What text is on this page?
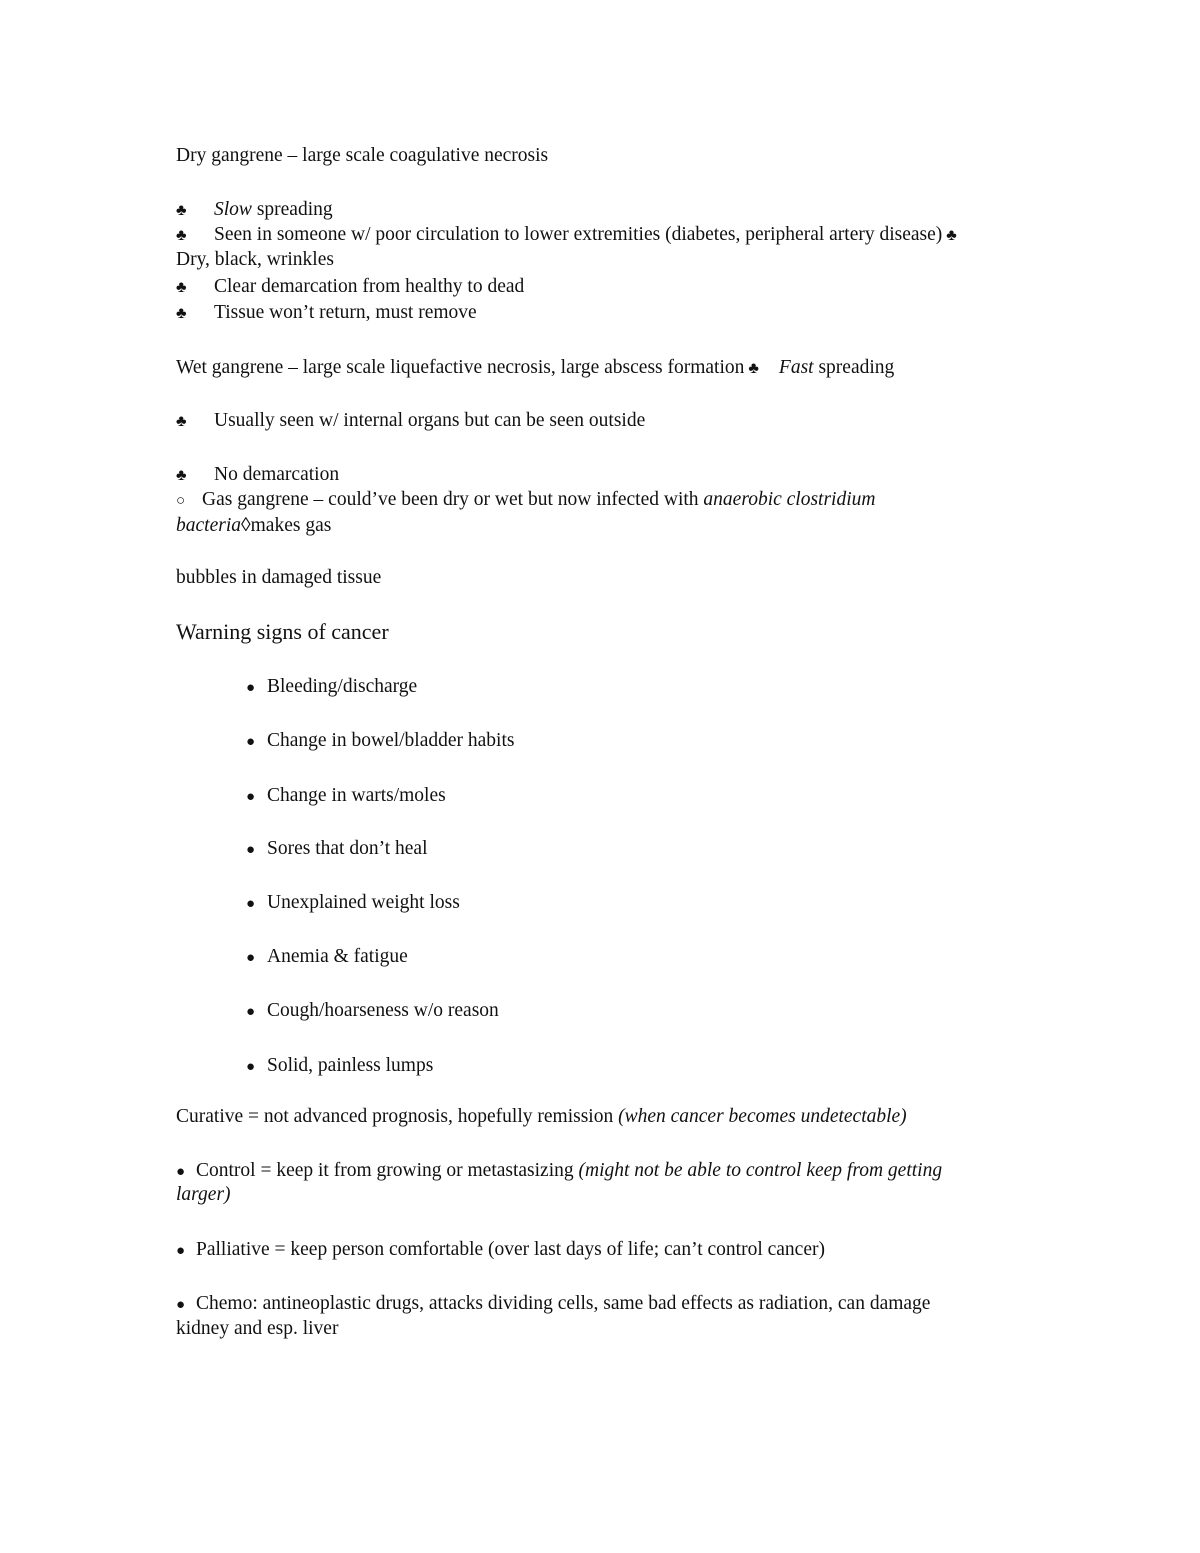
Dry gangrene – large scale coagulative necrosis
♣ Slow spreading
♣ Seen in someone w/ poor circulation to lower extremities (diabetes, peripheral artery disease) ♣
Dry, black, wrinkles
♣ Clear demarcation from healthy to dead
♣ Tissue won’t return, must remove
Wet gangrene – large scale liquefactive necrosis, large abscess formation ♣ Fast spreading
♣ Usually seen w/ internal organs but can be seen outside
♣ No demarcation
○ Gas gangrene – could’ve been dry or wet but now infected with anaerobic clostridium
bacteria◊makes gas
bubbles in damaged tissue
Warning signs of cancer
● Bleeding/discharge
● Change in bowel/bladder habits
● Change in warts/moles
● Sores that don’t heal
● Unexplained weight loss
● Anemia & fatigue
● Cough/hoarseness w/o reason
● Solid, painless lumps
Curative = not advanced prognosis, hopefully remission (when cancer becomes undetectable)
● Control = keep it from growing or metastasizing (might not be able to control keep from getting
larger)
● Palliative = keep person comfortable (over last days of life; can’t control cancer)
● Chemo: antineoplastic drugs, attacks dividing cells, same bad effects as radiation, can damage
kidney and esp. liver
